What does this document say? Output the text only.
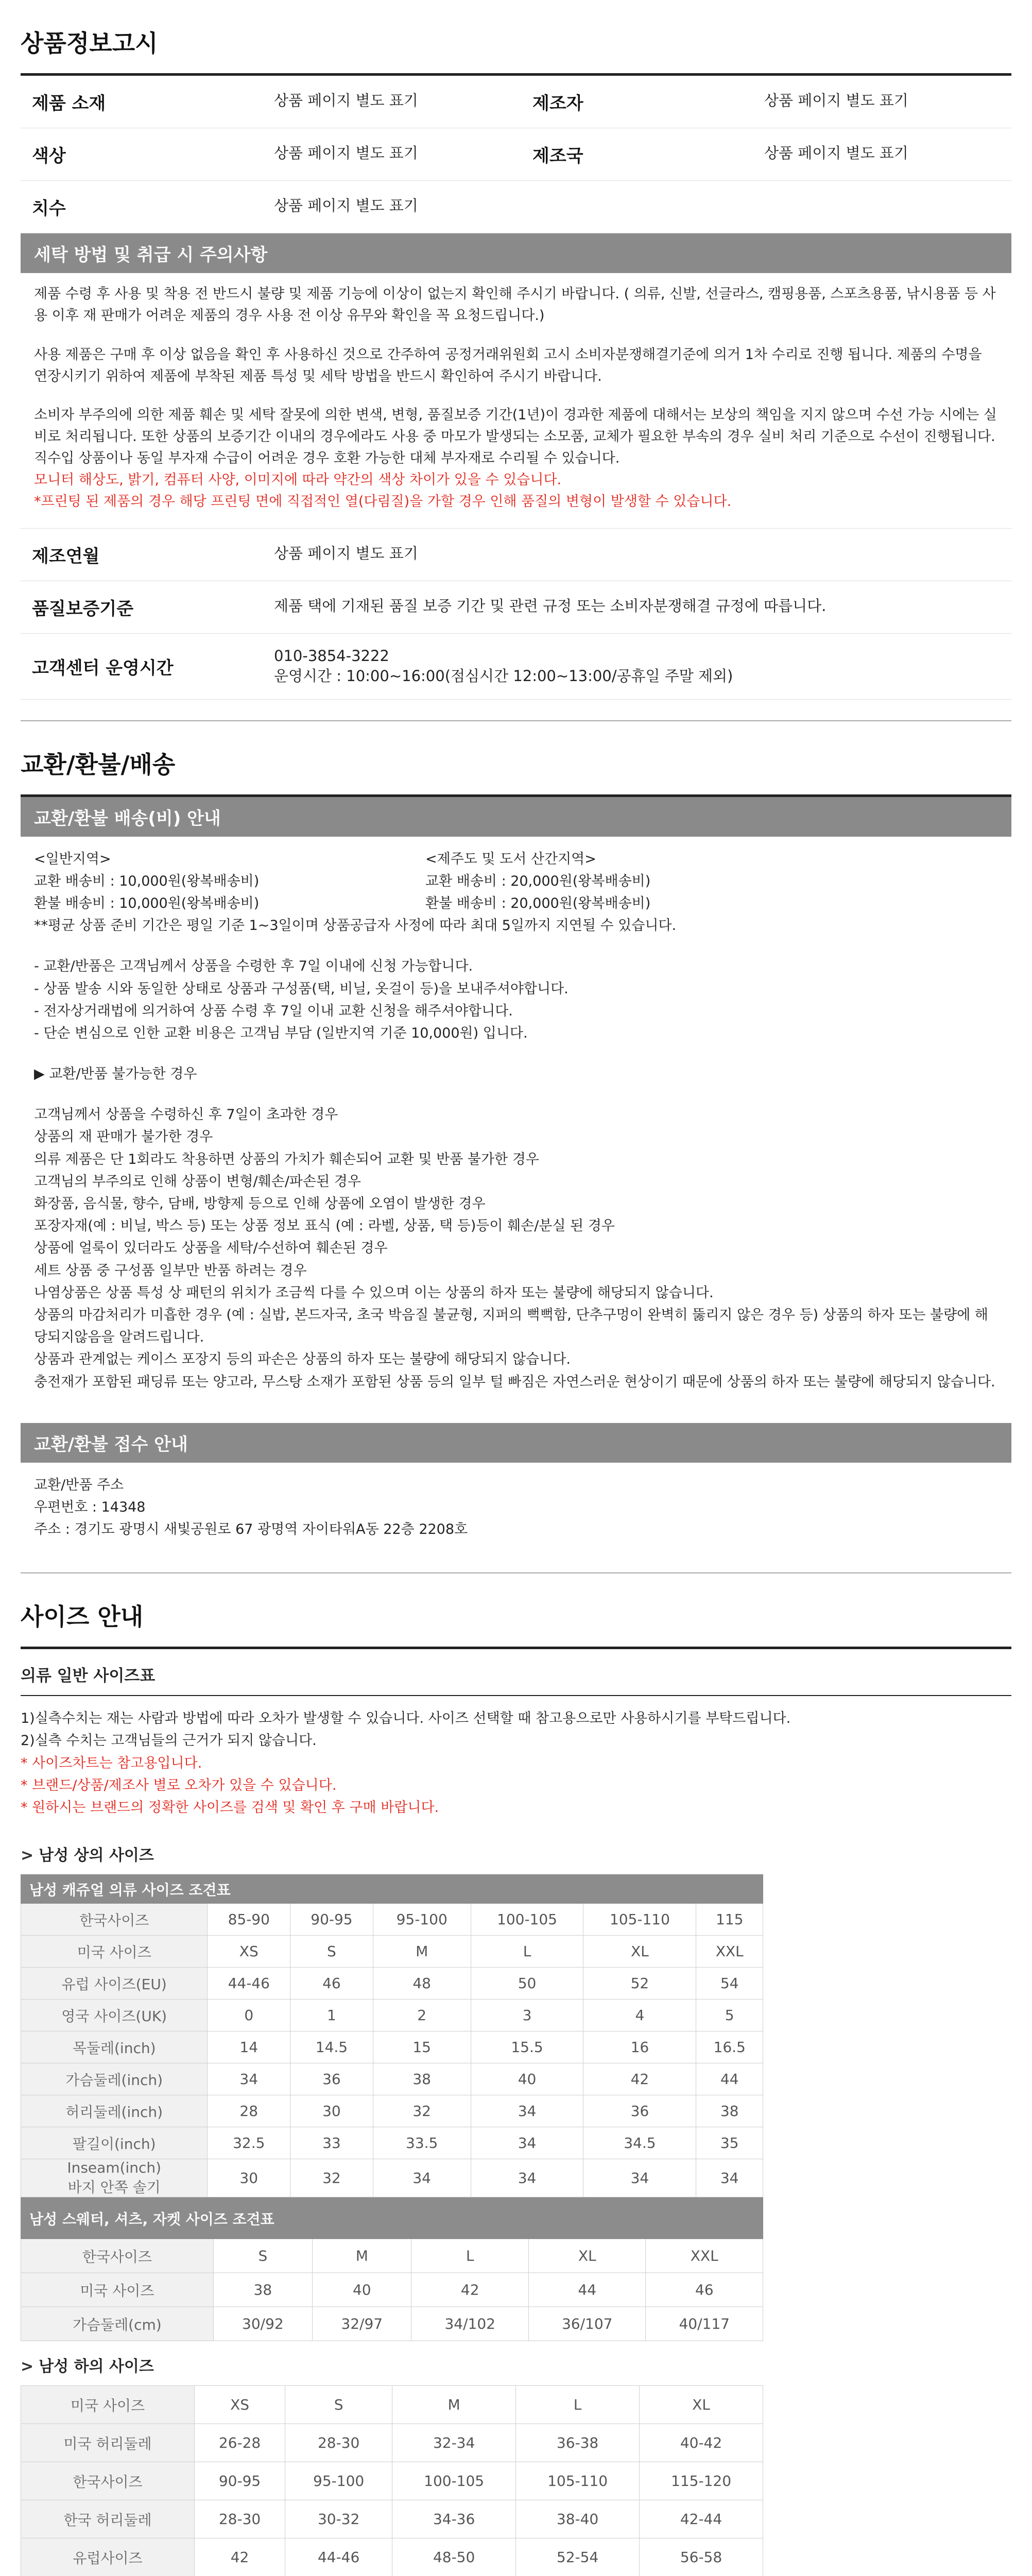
상품정보고시
제품 소재	상품 페이지 별도 표기	제조자	상품 페이지 별도 표기
색상	상품 페이지 별도 표기	제조국	상품 페이지 별도 표기
치수	상품 페이지 별도 표기		
세탁 방법 및 취급 시 주의사항

제품 수령 후 사용 및 착용 전 반드시 불량 및 제품 기능에 이상이 없는지 확인해 주시기 바랍니다. ( 의류, 신발, 선글라스, 캠핑용품, 스포츠용품, 낚시용품 등 사용 이후 재 판매가 어려운 제품의 경우 사용 전 이상 유무와 확인을 꼭 요청드립니다.)

사용 제품은 구매 후 이상 없음을 확인 후 사용하신 것으로 간주하여 공정거래위원회 고시 소비자분쟁해결기준에 의거 1차 수리로 진행 됩니다. 제품의 수명을 연장시키기 위하여 제품에 부착된 제품 특성 및 세탁 방법을 반드시 확인하여 주시기 바랍니다.

소비자 부주의에 의한 제품 훼손 및 세탁 잘못에 의한 변색, 변형, 품질보증 기간(1년)이 경과한 제품에 대해서는 보상의 책임을 지지 않으며 수선 가능 시에는 실비로 처리됩니다. 또한 상품의 보증기간 이내의 경우에라도 사용 중 마모가 발생되는 소모품, 교체가 필요한 부속의 경우 실비 처리 기준으로 수선이 진행됩니다.

직수입 상품이나 동일 부자재 수급이 어려운 경우 호환 가능한 대체 부자재로 수리될 수 있습니다.

모니터 해상도, 밝기, 컴퓨터 사양, 이미지에 따라 약간의 색상 차이가 있을 수 있습니다.

*프린팅 된 제품의 경우 해당 프린팅 면에 직접적인 열(다림질)을 가할 경우 인해 품질의 변형이 발생할 수 있습니다.

제조연월	상품 페이지 별도 표기
품질보증기준	제품 택에 기재된 품질 보증 기간 및 관련 규정 또는 소비자분쟁해결 규정에 따릅니다.
고객센터 운영시간	010-3854-3222
운영시간 : 10:00~16:00(점심시간 12:00~13:00/공휴일 주말 제외)
교환/환불/배송
교환/환불 배송(비) 안내

<일반지역>

교환 배송비 : 10,000원(왕복배송비)

환불 배송비 : 10,000원(왕복배송비)

<제주도 및 도서 산간지역>

교환 배송비 : 20,000원(왕복배송비)

환불 배송비 : 20,000원(왕복배송비)

**평균 상품 준비 기간은 평일 기준 1~3일이며 상품공급자 사정에 따라 최대 5일까지 지연될 수 있습니다.

- 교환/반품은 고객님께서 상품을 수령한 후 7일 이내에 신청 가능합니다.

- 상품 발송 시와 동일한 상태로 상품과 구성품(택, 비닐, 옷걸이 등)을 보내주셔야합니다.

- 전자상거래법에 의거하여 상품 수령 후 7일 이내 교환 신청을 해주셔야합니다.

- 단순 변심으로 인한 교환 비용은 고객님 부담 (일반지역 기준 10,000원) 입니다.

▶ 교환/반품 불가능한 경우

고객님께서 상품을 수령하신 후 7일이 초과한 경우

상품의 재 판매가 불가한 경우

의류 제품은 단 1회라도 착용하면 상품의 가치가 훼손되어 교환 및 반품 불가한 경우

고객님의 부주의로 인해 상품이 변형/훼손/파손된 경우

화장품, 음식물, 향수, 담배, 방향제 등으로 인해 상품에 오염이 발생한 경우

포장자재(예 : 비닐, 박스 등) 또는 상품 정보 표식 (예 : 라벨, 상품, 택 등)등이 훼손/분실 된 경우

상품에 얼룩이 있더라도 상품을 세탁/수선하여 훼손된 경우

세트 상품 중 구성품 일부만 반품 하려는 경우

나염상품은 상품 특성 상 패턴의 위치가 조금씩 다를 수 있으며 이는 상품의 하자 또는 불량에 해당되지 않습니다.

상품의 마감처리가 미흡한 경우 (예 : 실밥, 본드자국, 초국 박음질 불균형, 지퍼의 뻑뻑함, 단추구멍이 완벽히 뚫리지 않은 경우 등) 상품의 하자 또는 불량에 해당되지않음을 알려드립니다.

상품과 관계없는 케이스 포장지 등의 파손은 상품의 하자 또는 불량에 해당되지 않습니다.

충전재가 포함된 패딩류 또는 양고라, 무스탕 소재가 포함된 상품 등의 일부 털 빠짐은 자연스러운 현상이기 때문에 상품의 하자 또는 불량에 해당되지 않습니다.

교환/환불 접수 안내

교환/반품 주소

우편번호 : 14348

주소 : 경기도 광명시 새빛공원로 67 광명역 자이타워A동 22층 2208호

사이즈 안내
의류 일반 사이즈표

1)실측수치는 재는 사람과 방법에 따라 오차가 발생할 수 있습니다. 사이즈 선택할 때 참고용으로만 사용하시기를 부탁드립니다.

2)실측 수치는 고객님들의 근거가 되지 않습니다.

* 사이즈차트는 참고용입니다.

* 브랜드/상품/제조사 별로 오차가 있을 수 있습니다.

* 원하시는 브랜드의 정확한 사이즈를 검색 및 확인 후 구매 바랍니다.

> 남성 상의 사이즈
남성 캐쥬얼 의류 사이즈 조견표						
한국사이즈	85-90	90-95	95-100	100-105	105-110	115
미국 사이즈	XS	S	M	L	XL	XXL
유럽 사이즈(EU)	44-46	46	48	50	52	54
영국 사이즈(UK)	0	1	2	3	4	5
목둘레(inch)	14	14.5	15	15.5	16	16.5
가슴둘레(inch)	34	36	38	40	42	44
허리둘레(inch)	28	30	32	34	36	38
팔길이(inch)	32.5	33	33.5	34	34.5	35
Inseam(inch)
바지 안쪽 솔기	30	32	34	34	34	34
남성 스웨터, 셔츠, 자켓 사이즈 조견표					
한국사이즈	S	M	L	XL	XXL
미국 사이즈	38	40	42	44	46
가슴둘레(cm)	30/92	32/97	34/102	36/107	40/117
> 남성 하의 사이즈
미국 사이즈	XS	S	M	L	XL
미국 허리둘레	26-28	28-30	32-34	36-38	40-42
한국사이즈	90-95	95-100	100-105	105-110	115-120
한국 허리둘레	28-30	30-32	34-36	38-40	42-44
유럽사이즈	42	44-46	48-50	52-54	56-58
